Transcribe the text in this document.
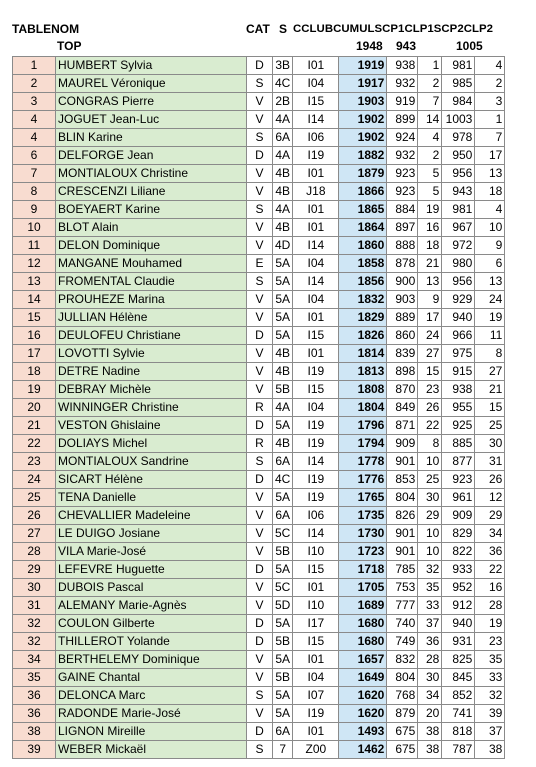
TABLENOM	CAT S CCLUBCUMULSCP1CLP1SCP2CLP2
TOP	1948 943	1005
1	HUMBERT Sylvia	D	3B	I01	1919	938	1	981	4
2	MAUREL Véronique	S	4C	I04	1917	932	2	985	2
3	CONGRAS Pierre	V	2B	I15	1903	919	7	984	3
4	JOGUET Jean-Luc	V	4A	I14	1902	899	14	1003	1
4	BLIN Karine	S	6A	I06	1902	924	4	978	7
6	DELFORGE Jean	D	4A	I19	1882	932	2	950	17
7	MONTIALOUX Christine	V	4B	I01	1879	923	5	956	13
8	CRESCENZI Liliane	V	4B	J18	1866	923	5	943	18
9	BOEYAERT Karine	S	4A	I01	1865	884	19	981	4
10	BLOT Alain	V	4B	I01	1864	897	16	967	10
11	DELON Dominique	V	4D	I14	1860	888	18	972	9
12	MANGANE Mouhamed	E	5A	I04	1858	878	21	980	6
13	FROMENTAL Claudie	S	5A	I14	1856	900	13	956	13
14	PROUHEZE Marina	V	5A	I04	1832	903	9	929	24
15	JULLIAN Hélène	V	5A	I01	1829	889	17	940	19
16	DEULOFEU Christiane	D	5A	I15	1826	860	24	966	11
17	LOVOTTI Sylvie	V	4B	I01	1814	839	27	975	8
18	DETRE Nadine	V	4B	I19	1813	898	15	915	27
19	DEBRAY Michèle	V	5B	I15	1808	870	23	938	21
20	WINNINGER Christine	R	4A	I04	1804	849	26	955	15
21	VESTON Ghislaine	D	5A	I19	1796	871	22	925	25
22	DOLIAYS Michel	R	4B	I19	1794	909	8	885	30
23	MONTIALOUX Sandrine	S	6A	I14	1778	901	10	877	31
24	SICART Hélène	D	4C	I19	1776	853	25	923	26
25	TENA Danielle	V	5A	I19	1765	804	30	961	12
26	CHEVALLIER Madeleine	V	6A	I06	1735	826	29	909	29
27	LE DUIGO Josiane	V	5C	I14	1730	901	10	829	34
28	VILA Marie-José	V	5B	I10	1723	901	10	822	36
29	LEFEVRE Huguette	D	5A	I15	1718	785	32	933	22
30	DUBOIS Pascal	V	5C	I01	1705	753	35	952	16
31	ALEMANY Marie-Agnès	V	5D	I10	1689	777	33	912	28
32	COULON Gilberte	D	5A	I17	1680	740	37	940	19
32	THILLEROT Yolande	D	5B	I15	1680	749	36	931	23
34	BERTHELEMY Dominique	V	5A	I01	1657	832	28	825	35
35	GAINE Chantal	V	5B	I04	1649	804	30	845	33
36	DELONCA Marc	S	5A	I07	1620	768	34	852	32
36	RADONDE Marie-José	V	5A	I19	1620	879	20	741	39
38	LIGNON Mireille	D	6A	I01	1493	675	38	818	37
39	WEBER Mickaël	S	7	Z00	1462	675	38	787	38
